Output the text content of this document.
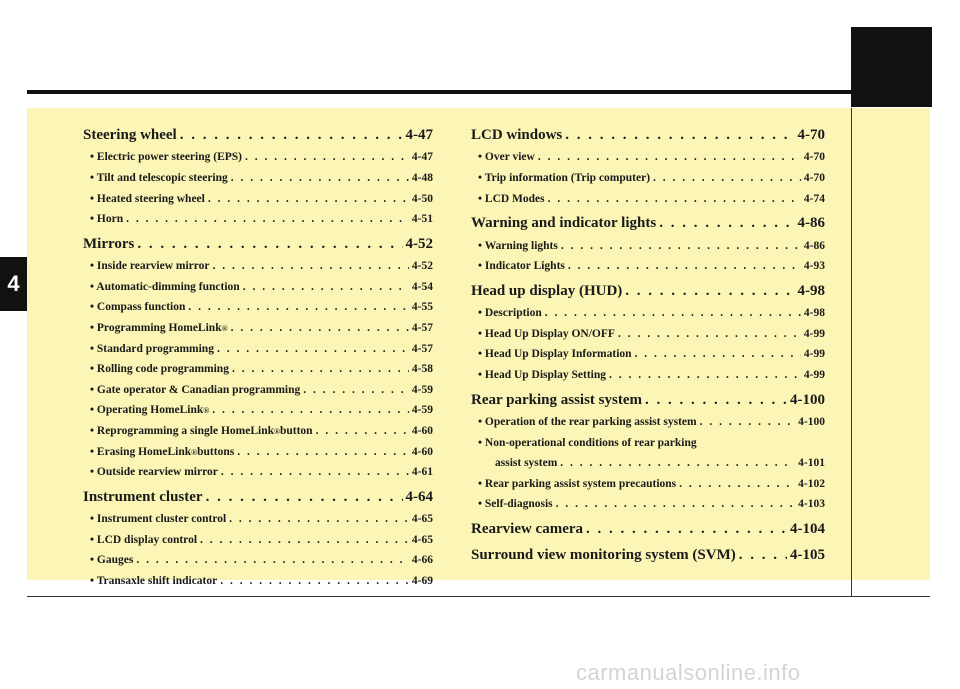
4
Steering wheel . . .	4-47
• Electric power steering (EPS) . . .	4-47
• Tilt and telescopic steering . . .	4-48
• Heated steering wheel . . .	4-50
• Horn . . .	4-51
Mirrors . . .	4-52
• Inside rearview mirror . . .	4-52
• Automatic-dimming function . . .	4-54
• Compass function . . .	4-55
• Programming HomeLink ® . . .	4-57
• Standard programming . . .	4-57
• Rolling code programming . . .	4-58
• Gate operator & Canadian programming . . .	4-59
• Operating HomeLink ® . . .	4-59
• Reprogramming a single HomeLink ® button . . .	4-60
• Erasing HomeLink ® buttons . . .	4-60
• Outside rearview mirror . . .	4-61
Instrument cluster . . .	4-64
• Instrument cluster control . . .	4-65
• LCD display control . . .	4-65
• Gauges . . .	4-66
• Transaxle shift indicator . . .	4-69
LCD windows . . .	4-70
• Over view . . .	4-70
• Trip information (Trip computer) . . .	4-70
• LCD Modes . . .	4-74
Warning and indicator lights . . .	4-86
• Warning lights . . .	4-86
• Indicator Lights . . .	4-93
Head up display (HUD) . . .	4-98
• Description . . .	4-98
• Head Up Display ON/OFF . . .	4-99
• Head Up Display Information . . .	4-99
• Head Up Display Setting . . .	4-99
Rear parking assist system . . .	4-100
• Operation of the rear parking assist system . . .	4-100
• Non-operational conditions of rear parking
assist system . . .	4-101
• Rear parking assist system precautions . . .	4-102
• Self-diagnosis . . .	4-103
Rearview camera . . .	4-104
Surround view monitoring system (SVM) . . .	4-105
carmanualsonline.info
